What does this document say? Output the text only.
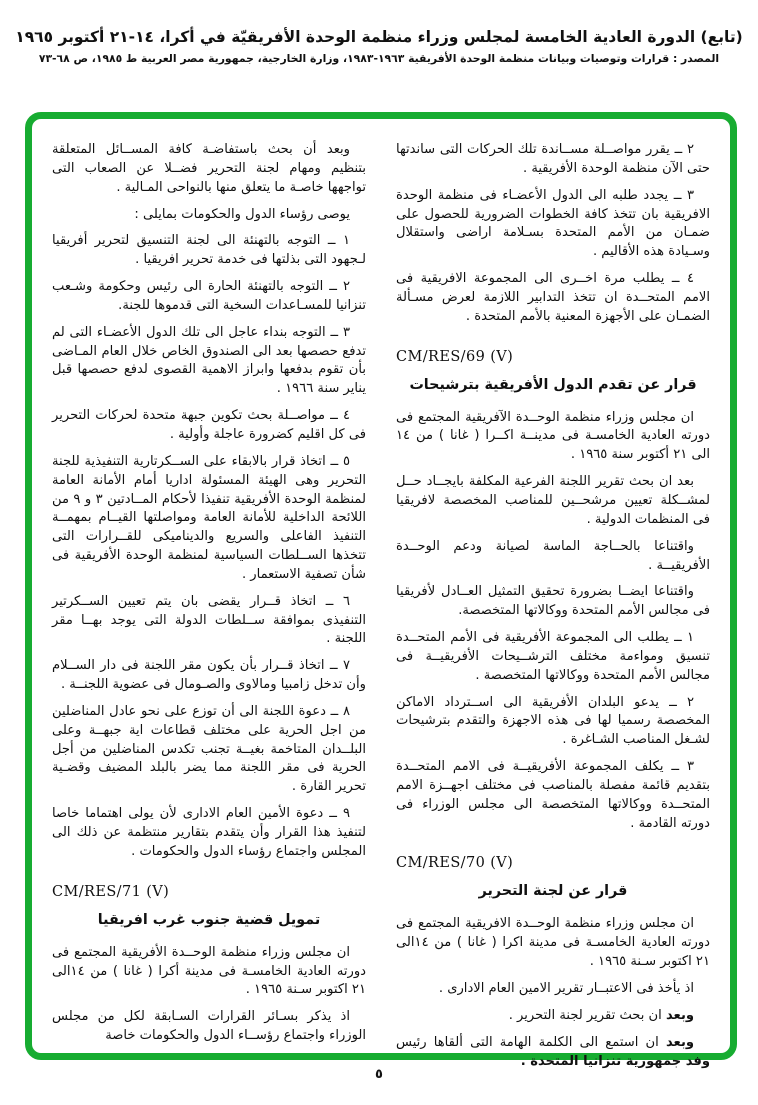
(تابع) الدورة العادية الخامسة لمجلس وزراء منظمة الوحدة الأفريقيّة في أكرا، ١٤-٢١ أكتوبر ١٩٦٥
المصدر : قرارات وتوصيات وبيانات منظمة الوحدة الأفريقية ١٩٦٣-١٩٨٣، وزارة الخارجية، جمهورية مصر العربية ط ١٩٨٥، ص ٦٨-٧٣

٢ ــ يقرر مواصــلة مســاندة تلك الحركات التى ساندتها حتى الآن منظمة الوحدة الأفريقية .

٣ ــ يجدد طلبه الى الدول الأعضـاء فى منظمة الوحدة الافريقية بان تتخذ كافة الخطوات الضرورية للحصول على ضمـان من الأمم المتحدة بسـلامة اراضى واستقلال وسـيادة هذه الأقاليم .

٤ ــ يطلب مرة اخــرى الى المجموعة الافريقية فى الامم المتحــدة ان تتخذ التدابير اللازمة لعرض مسـألة الضمـان على الأجهزة المعنية بالأمم المتحدة .

CM/RES/69 (V)
قرار عن تقدم الدول الأفريقية بترشيحات

ان مجلس وزراء منظمة الوحــدة الآفريقية المجتمع فى دورته العادية الخامسـة فى مدينــة اكــرا ( غانا ) من ١٤ الى ٢١ أكتوبر سنة ١٩٦٥ .

بعد ان بحث تقرير اللجنة الفرعية المكلفة بايجــاد حــل لمشــكلة تعيين مرشحــين للمناصب المخصصة لافريقيا فى المنظمات الدولية .

واقتناعا بالحــاجة الماسة لصيانة ودعم الوحــدة الأفريقيــة .

واقتناعا ايضــا بضرورة تحقيق التمثيل العــادل لأفريقيا فى مجالس الأمم المتحدة ووكالاتها المتخصصة.

١ ــ يطلب الى المجموعة الأفريقية فى الأمم المتحــدة تنسيق ومواءمة مختلف الترشــيحات الأفريقيــة فى مجالس الأمم المتحدة ووكالاتها المتخصصة .

٢ ــ يدعو البلدان الأفريقية الى اســترداد الاماكن المخصصة رسميا لها فى هذه الاجهزة والتقدم بترشيحات لشـغل المناصب الشـاغرة .

٣ ــ يكلف المجموعة الأفريقيــة فى الامم المتحــدة بتقديم قائمة مفصلة بالمناصب فى مختلف اجهــزة الامم المتحــدة ووكالاتها المتخصصة الى مجلس الوزراء فى دورته القادمة .

CM/RES/70 (V)
قرار عن لجنة التحرير

ان مجلس وزراء منظمة الوحــدة الافريقية المجتمع فى دورته العادية الخامسـة فى مدينة اكرا ( غانا ) من ١٤الى ٢١ اكتوبر سـنة ١٩٦٥ .

اذ يأخذ فى الاعتبــار تقرير الامين العام الادارى .

وبعد ان بحث تقرير لجنة التحرير .

وبعد ان استمع الى الكلمة الهامة التى ألقاها رئيس وفد جمهورية تنزانيا المتحدة .

وبعد أن بحث باستفاضـة كافة المســائل المتعلقة بتنظيم ومهام لجنة التحرير فضــلا عن الصعاب التى تواجهها خاصـة ما يتعلق منها بالنواحى المـالية .

يوصى رؤساء الدول والحكومات بمايلى :

١ ــ التوجه بالتهنئة الى لجنة التنسيق لتحرير أفريقيا لـجهود التى بذلتها فى خدمة تحرير افريقيا .

٢ ــ التوجه بالتهنئة الحارة الى رئيس وحكومة وشـعب تنزانيا للمسـاعدات السخية التى قدموها للجنة.

٣ ــ التوجه بنداء عاجل الى تلك الدول الأعضـاء التى لم تدفع حصصها بعد الى الصندوق الخاص خلال العام المـاضى بأن تقوم بدفعها وابراز الاهمية القصوى لدفع حصصها قبل يناير سنة ١٩٦٦ .

٤ ــ مواصــلة بحث تكوين جبهة متحدة لحركات التحرير فى كل اقليم كضرورة عاجلة وأولية .

٥ ــ اتخاذ قرار بالابقاء على الســكرتارية التنفيذية للجنة التحرير وهى الهيئة المسئولة اداريا أمام الأمانة العامة لمنظمة الوحدة الأفريقية تنفيذا لأحكام المــادتين ٣ و ٩ من اللائحة الداخلية للأمانة العامة ومواصلتها القيــام بمهمــة التنفيذ الفاعلى والسريع والديناميكى للقــرارات التى تتخذها الســلطات السياسية لمنظمة الوحدة الأفريقية فى شأن تصفية الاستعمار .

٦ ــ اتخاذ قــرار يقضى بان يتم تعيين الســكرتير التنفيذى بموافقة ســلطات الدولة التى يوجد بهــا مقر اللجنة .

٧ ــ اتخاذ قــرار بأن يكون مقر اللجنة فى دار الســلام وأن تدخل زامبيا ومالاوى والصـومال فى عضوية اللجنــة .

٨ ــ دعوة اللجنة الى أن توزع على نحو عادل المناضلين من اجل الحرية على مختلف قطاعات اية جبهــة وعلى البلــدان المتاخمة بغيــة تجنب تكدس المناضلين من أجل الحرية فى مقر اللجنة مما يضر بالبلد المضيف وقضـية تحرير القارة .

٩ ــ دعوة الأمين العام الادارى لأن يولى اهتماما خاصا لتنفيذ هذا القرار وأن يتقدم بتقارير منتظمة عن ذلك الى المجلس واجتماع رؤساء الدول والحكومات .

CM/RES/71 (V)
تمويل قضية جنوب غرب افريقيا

ان مجلس وزراء منظمة الوحــدة الأفريقية المجتمع فى دورته العادية الخامسـة فى مدينة أكرا ( غانا ) من ١٤الى ٢١ اكتوبر سـنة ١٩٦٥ .

اذ يذكر بسـائر القرارات السـابقة لكل من مجلس الوزراء واجتماع رؤســاء الدول والحكومات خاصة

٥
